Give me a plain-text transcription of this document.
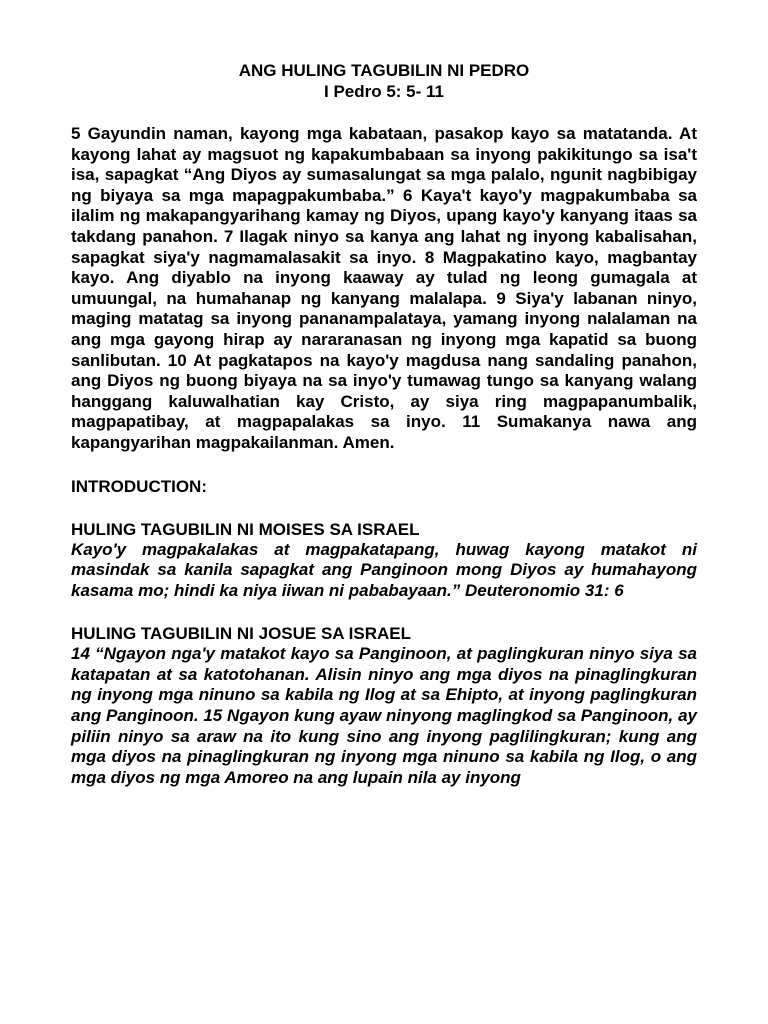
ANG HULING TAGUBILIN NI PEDRO
I Pedro 5: 5- 11

5 Gayundin naman, kayong mga kabataan, pasakop kayo sa matatanda. At kayong lahat ay magsuot ng kapakumbabaan sa inyong pakikitungo sa isa't isa, sapagkat “Ang Diyos ay sumasalungat sa mga palalo, ngunit nagbibigay ng biyaya sa mga mapagpakumbaba.” 6 Kaya't kayo'y magpakumbaba sa ilalim ng makapangyarihang kamay ng Diyos, upang kayo'y kanyang itaas sa takdang panahon. 7 Ilagak ninyo sa kanya ang lahat ng inyong kabalisahan, sapagkat siya'y nagmamalasakit sa inyo. 8 Magpakatino kayo, magbantay kayo. Ang diyablo na inyong kaaway ay tulad ng leong gumagala at umuungal, na humahanap ng kanyang malalapa. 9 Siya'y labanan ninyo, maging matatag sa inyong pananampalataya, yamang inyong nalalaman na ang mga gayong hirap ay nararanasan ng inyong mga kapatid sa buong sanlibutan. 10 At pagkatapos na kayo'y magdusa nang sandaling panahon, ang Diyos ng buong biyaya na sa inyo'y tumawag tungo sa kanyang walang hanggang kaluwalhatian kay Cristo, ay siya ring magpapanumbalik, magpapatibay, at magpapalakas sa inyo. 11 Sumakanya nawa ang kapangyarihan magpakailanman. Amen.

INTRODUCTION:

HULING TAGUBILIN NI MOISES SA ISRAEL

Kayo'y magpakalakas at magpakatapang, huwag kayong matakot ni masindak sa kanila sapagkat ang Panginoon mong Diyos ay humahayong kasama mo; hindi ka niya iiwan ni pababayaan.” Deuteronomio 31: 6

HULING TAGUBILIN NI JOSUE SA ISRAEL

14 “Ngayon nga'y matakot kayo sa Panginoon, at paglingkuran ninyo siya sa katapatan at sa katotohanan. Alisin ninyo ang mga diyos na pinaglingkuran ng inyong mga ninuno sa kabila ng Ilog at sa Ehipto, at inyong paglingkuran ang Panginoon. 15 Ngayon kung ayaw ninyong maglingkod sa Panginoon, ay piliin ninyo sa araw na ito kung sino ang inyong paglilingkuran; kung ang mga diyos na pinaglingkuran ng inyong mga ninuno sa kabila ng Ilog, o ang mga diyos ng mga Amoreo na ang lupain nila ay inyong
